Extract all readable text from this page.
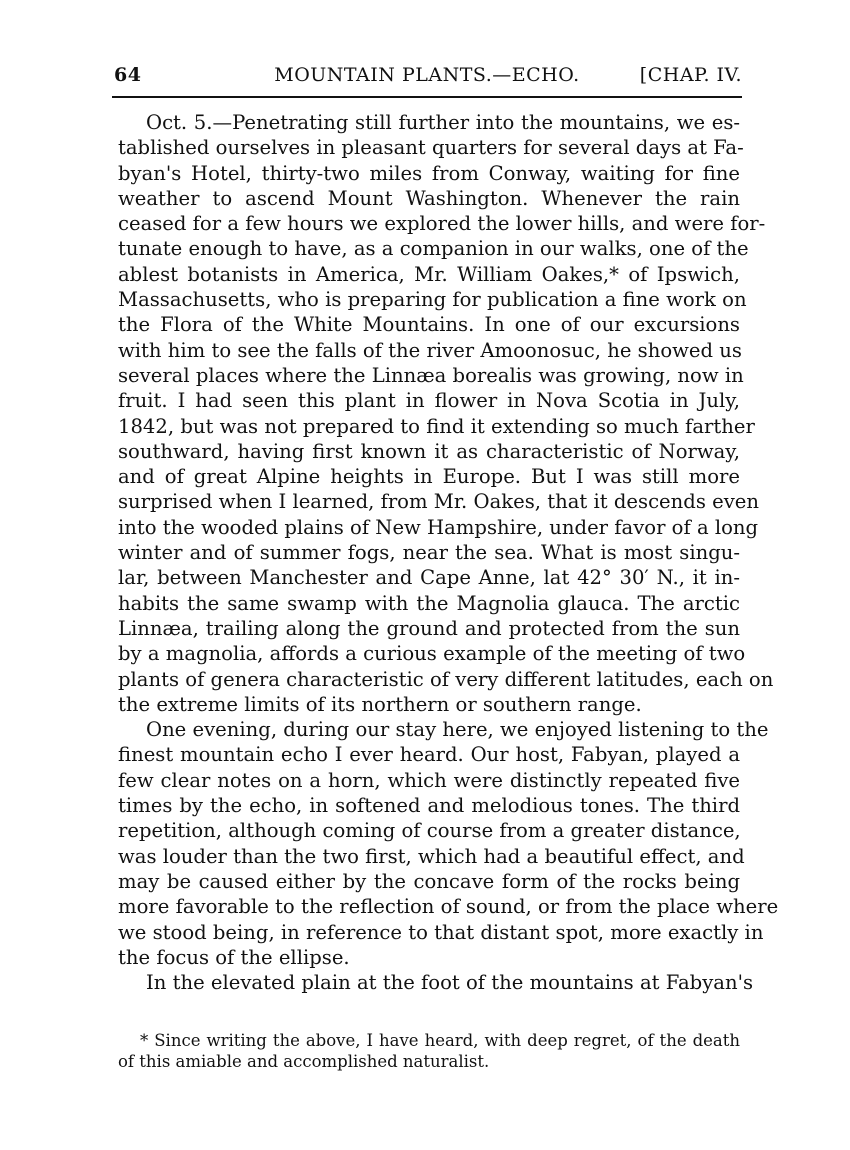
64	MOUNTAIN PLANTS.—ECHO.	[CHAP. IV.
Oct. 5.—Penetrating still further into the mountains, we es-
tablished ourselves in pleasant quarters for several days at Fa-
byan's Hotel, thirty-two miles from Conway, waiting for fine
weather to ascend Mount Washington. Whenever the rain
ceased for a few hours we explored the lower hills, and were for-
tunate enough to have, as a companion in our walks, one of the
ablest botanists in America, Mr. William Oakes,* of Ipswich,
Massachusetts, who is preparing for publication a fine work on
the Flora of the White Mountains. In one of our excursions
with him to see the falls of the river Amoonosuc, he showed us
several places where the Linnæa borealis was growing, now in
fruit. I had seen this plant in flower in Nova Scotia in July,
1842, but was not prepared to find it extending so much farther
southward, having first known it as characteristic of Norway,
and of great Alpine heights in Europe. But I was still more
surprised when I learned, from Mr. Oakes, that it descends even
into the wooded plains of New Hampshire, under favor of a long
winter and of summer fogs, near the sea. What is most singu-
lar, between Manchester and Cape Anne, lat 42° 30′ N., it in-
habits the same swamp with the Magnolia glauca. The arctic
Linnæa, trailing along the ground and protected from the sun
by a magnolia, affords a curious example of the meeting of two
plants of genera characteristic of very different latitudes, each on
the extreme limits of its northern or southern range.
One evening, during our stay here, we enjoyed listening to the
finest mountain echo I ever heard. Our host, Fabyan, played a
few clear notes on a horn, which were distinctly repeated five
times by the echo, in softened and melodious tones. The third
repetition, although coming of course from a greater distance,
was louder than the two first, which had a beautiful effect, and
may be caused either by the concave form of the rocks being
more favorable to the reflection of sound, or from the place where
we stood being, in reference to that distant spot, more exactly in
the focus of the ellipse.
In the elevated plain at the foot of the mountains at Fabyan's
* Since writing the above, I have heard, with deep regret, of the death
of this amiable and accomplished naturalist.
